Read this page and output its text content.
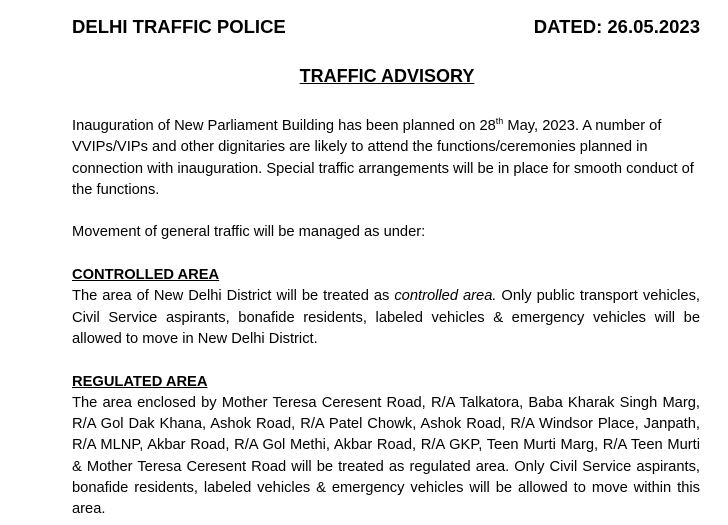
DELHI TRAFFIC POLICE	DATED: 26.05.2023
TRAFFIC ADVISORY

Inauguration of New Parliament Building has been planned on 28th May, 2023. A number of VVIPs/VIPs and other dignitaries are likely to attend the functions/ceremonies planned in connection with inauguration. Special traffic arrangements will be in place for smooth conduct of the functions.

Movement of general traffic will be managed as under:

CONTROLLED AREA

The area of New Delhi District will be treated as controlled area. Only public transport vehicles, Civil Service aspirants, bonafide residents, labeled vehicles & emergency vehicles will be allowed to move in New Delhi District.

REGULATED AREA

The area enclosed by Mother Teresa Ceresent Road, R/A Talkatora, Baba Kharak Singh Marg, R/A Gol Dak Khana, Ashok Road, R/A Patel Chowk, Ashok Road, R/A Windsor Place, Janpath, R/A MLNP, Akbar Road, R/A Gol Methi, Akbar Road, R/A GKP, Teen Murti Marg, R/A Teen Murti & Mother Teresa Ceresent Road will be treated as regulated area. Only Civil Service aspirants, bonafide residents, labeled vehicles & emergency vehicles will be allowed to move within this area.
